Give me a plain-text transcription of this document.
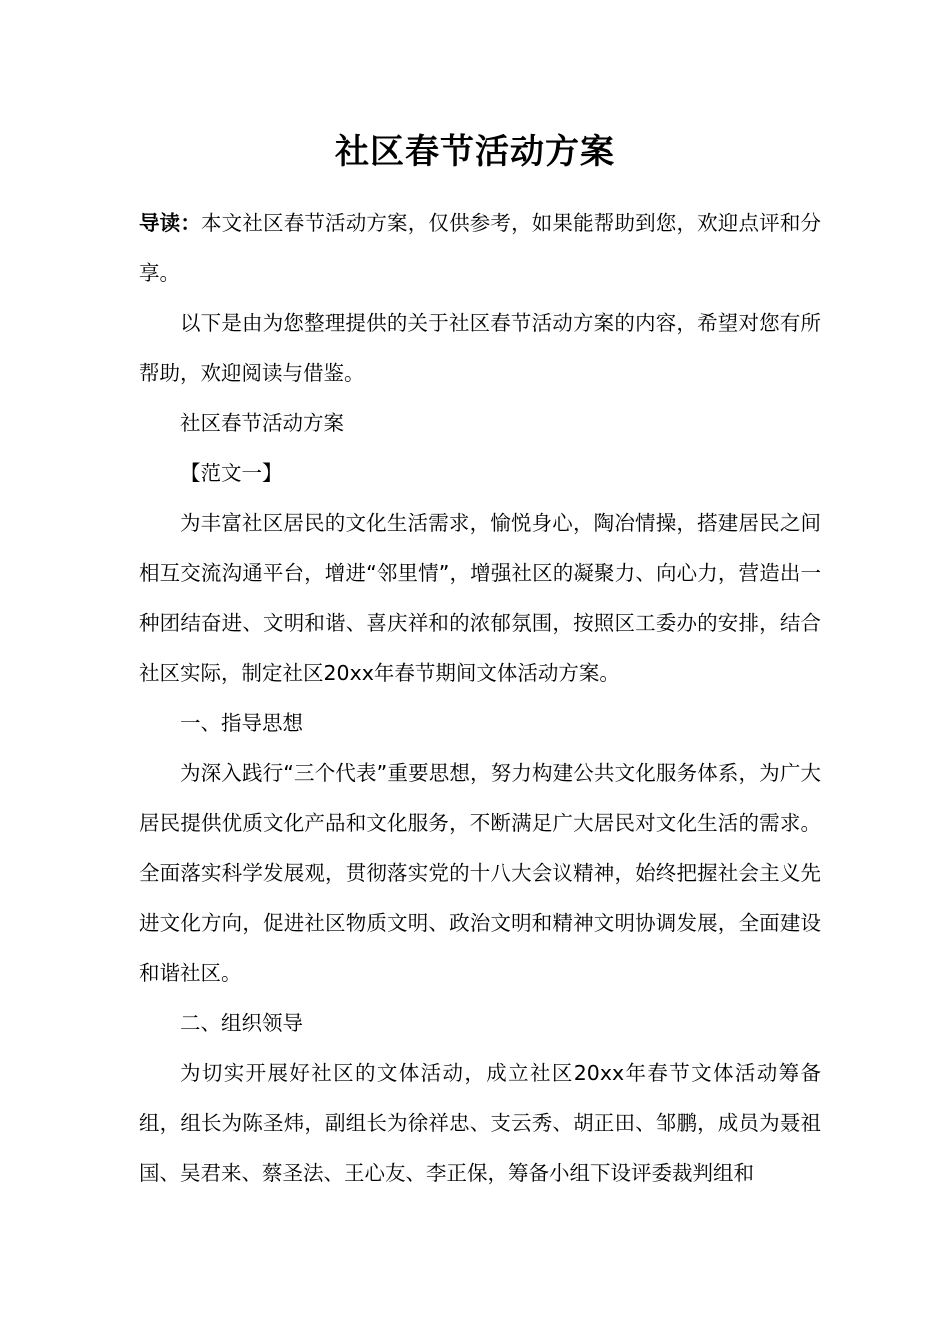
社区春节活动方案

导读：本文社区春节活动方案，仅供参考，如果能帮助到您，欢迎点评和分享。

以下是由为您整理提供的关于社区春节活动方案的内容，希望对您有所帮助，欢迎阅读与借鉴。

社区春节活动方案

【范文一】

为丰富社区居民的文化生活需求，愉悦身心，陶冶情操，搭建居民之间相互交流沟通平台，增进“邻里情”，增强社区的凝聚力、向心力，营造出一种团结奋进、文明和谐、喜庆祥和的浓郁氛围，按照区工委办的安排，结合社区实际，制定社区20xx年春节期间文体活动方案。

一、指导思想

为深入践行“三个代表”重要思想，努力构建公共文化服务体系，为广大居民提供优质文化产品和文化服务，不断满足广大居民对文化生活的需求。全面落实科学发展观，贯彻落实党的十八大会议精神，始终把握社会主义先进文化方向，促进社区物质文明、政治文明和精神文明协调发展，全面建设和谐社区。

二、组织领导

为切实开展好社区的文体活动，成立社区20xx年春节文体活动筹备组，组长为陈圣炜，副组长为徐祥忠、支云秀、胡正田、邹鹏，成员为聂祖国、吴君来、蔡圣法、王心友、李正保，筹备小组下设评委裁判组和
